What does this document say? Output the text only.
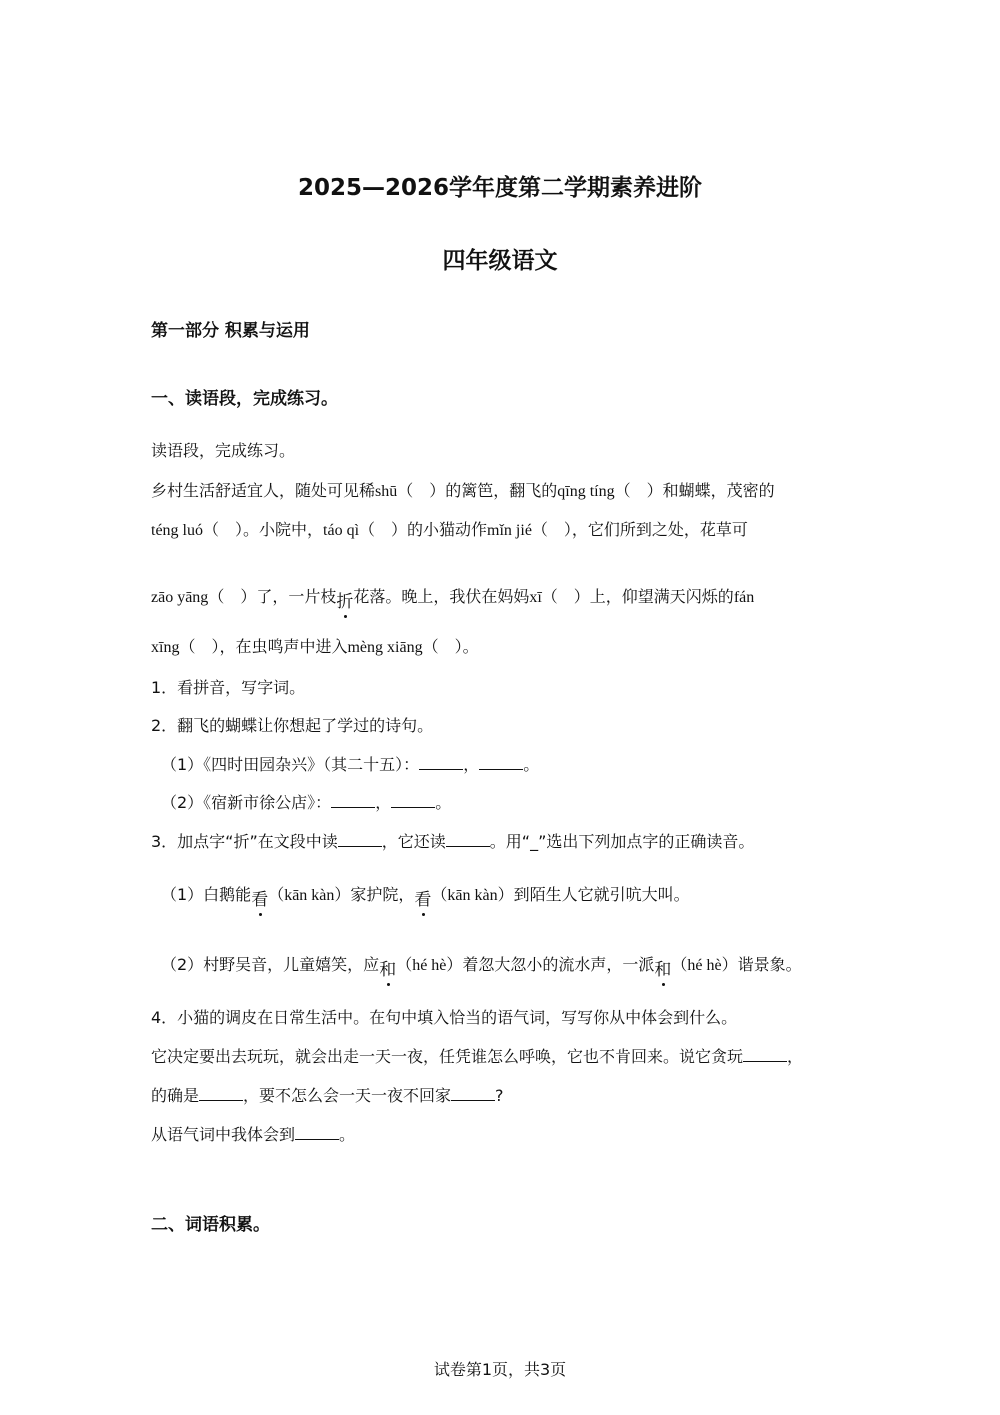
2025—2026学年度第二学期素养进阶
四年级语文
第一部分 积累与运用
一、读语段，完成练习。
读语段，完成练习。
乡村生活舒适宜人，随处可见稀shū（　）的篱笆，翻飞的qīng tíng（　）和蝴蝶，茂密的
téng luó（　）。小院中，táo qì（　）的小猫动作mǐn jié（　），它们所到之处，花草可
zāo yāng（　）了，一片枝折花落。晚上，我伏在妈妈xī（　）上，仰望满天闪烁的fán
xīng（　），在虫鸣声中进入mèng xiāng（　）。
1．看拼音，写字词。
2．翻飞的蝴蝶让你想起了学过的诗句。
（1）《四时田园杂兴》（其二十五）：	，	。
（2）《宿新市徐公店》：	，	。
3．加点字“折”在文段中读	，它还读	。用“_”选出下列加点字的正确读音。
（1）白鹅能看（kān kàn）家护院，看（kān kàn）到陌生人它就引吭大叫。
（2）村野吴音，儿童嬉笑，应和（hé hè）着忽大忽小的流水声，一派和（hé hè）谐景象。
4．小猫的调皮在日常生活中。在句中填入恰当的语气词，写写你从中体会到什么。
它决定要出去玩玩，就会出走一天一夜，任凭谁怎么呼唤，它也不肯回来。说它贪玩	，
的确是	，要不怎么会一天一夜不回家	?
从语气词中我体会到	。
二、词语积累。
试卷第1页，共3页
